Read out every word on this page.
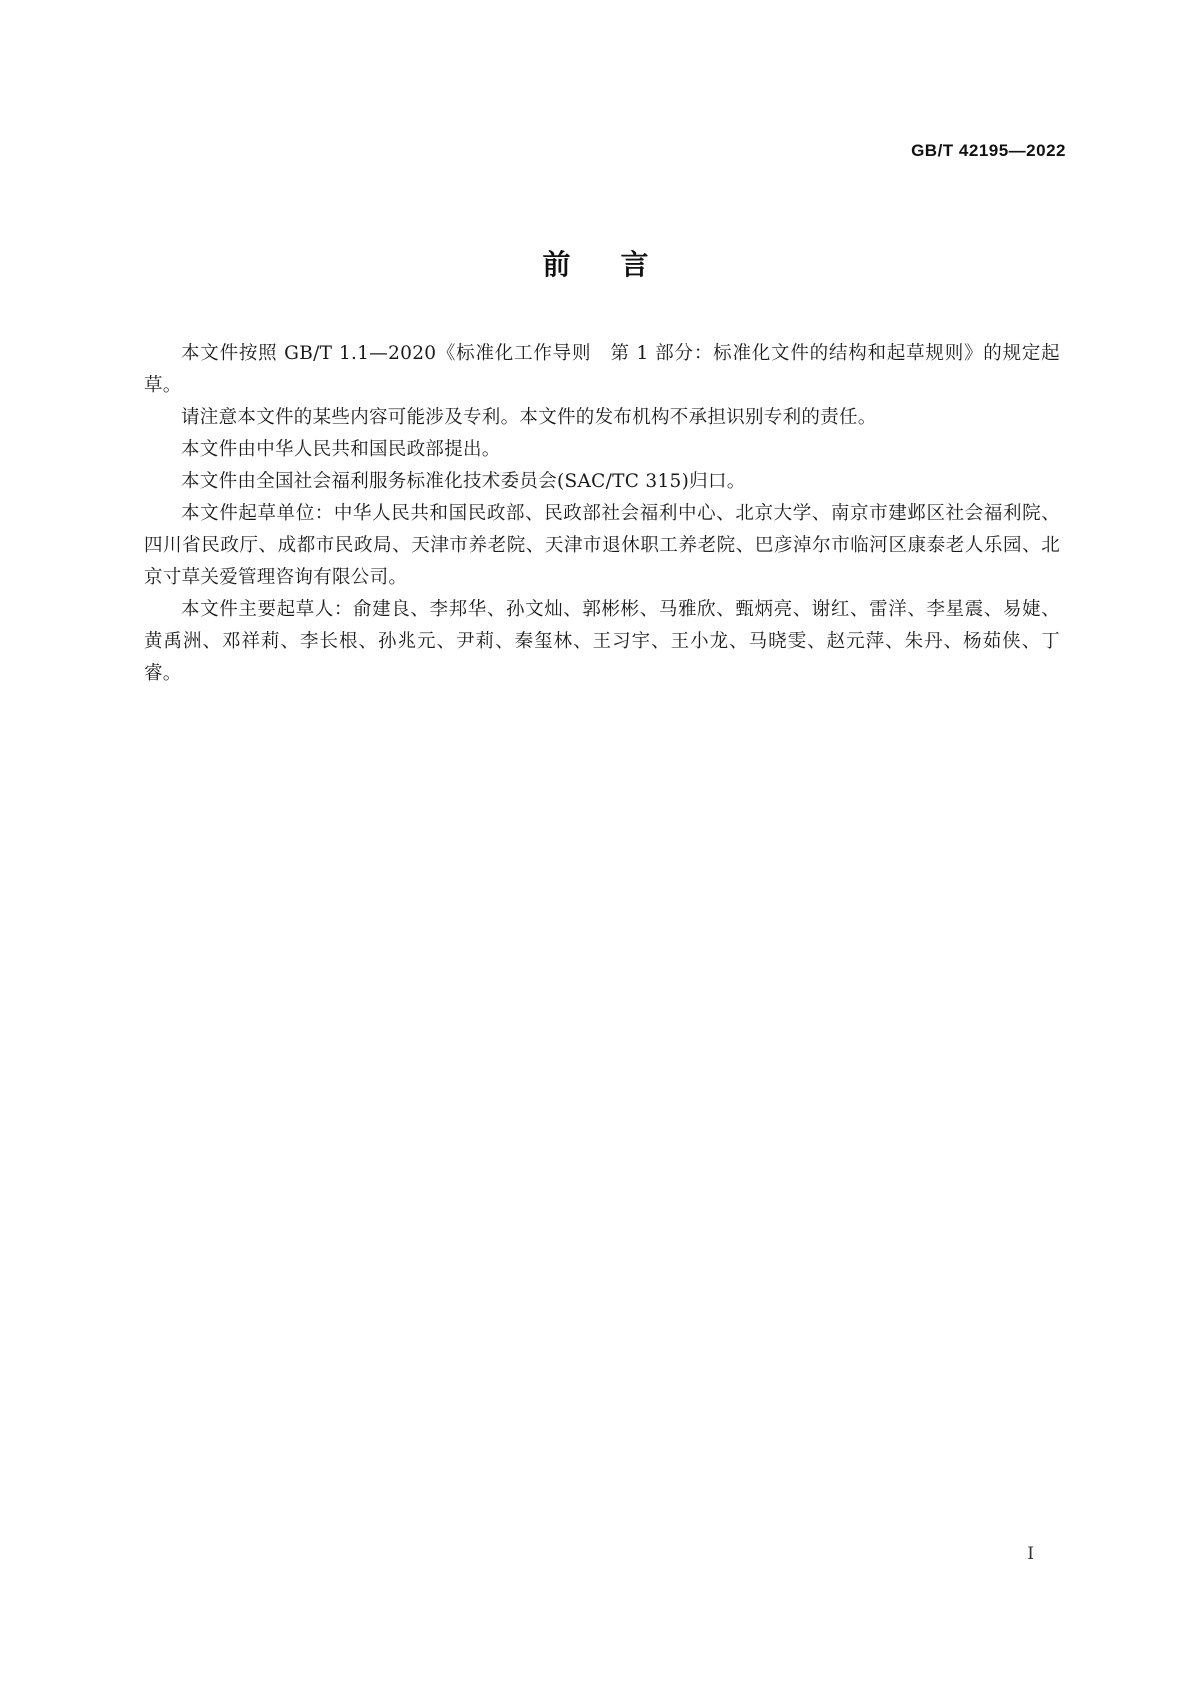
GB/T 42195—2022
前言

本文件按照 GB/T 1.1—2020《标准化工作导则　第 1 部分：标准化文件的结构和起草规则》的规定起草。

请注意本文件的某些内容可能涉及专利。本文件的发布机构不承担识别专利的责任。

本文件由中华人民共和国民政部提出。

本文件由全国社会福利服务标准化技术委员会(SAC/TC 315)归口。

本文件起草单位：中华人民共和国民政部、民政部社会福利中心、北京大学、南京市建邺区社会福利院、四川省民政厅、成都市民政局、天津市养老院、天津市退休职工养老院、巴彦淖尔市临河区康泰老人乐园、北京寸草关爱管理咨询有限公司。

本文件主要起草人：俞建良、李邦华、孙文灿、郭彬彬、马雅欣、甄炳亮、谢红、雷洋、李星震、易婕、黄禹洲、邓祥莉、李长根、孙兆元、尹莉、秦玺林、王习宇、王小龙、马晓雯、赵元萍、朱丹、杨茹侠、丁睿。

I
